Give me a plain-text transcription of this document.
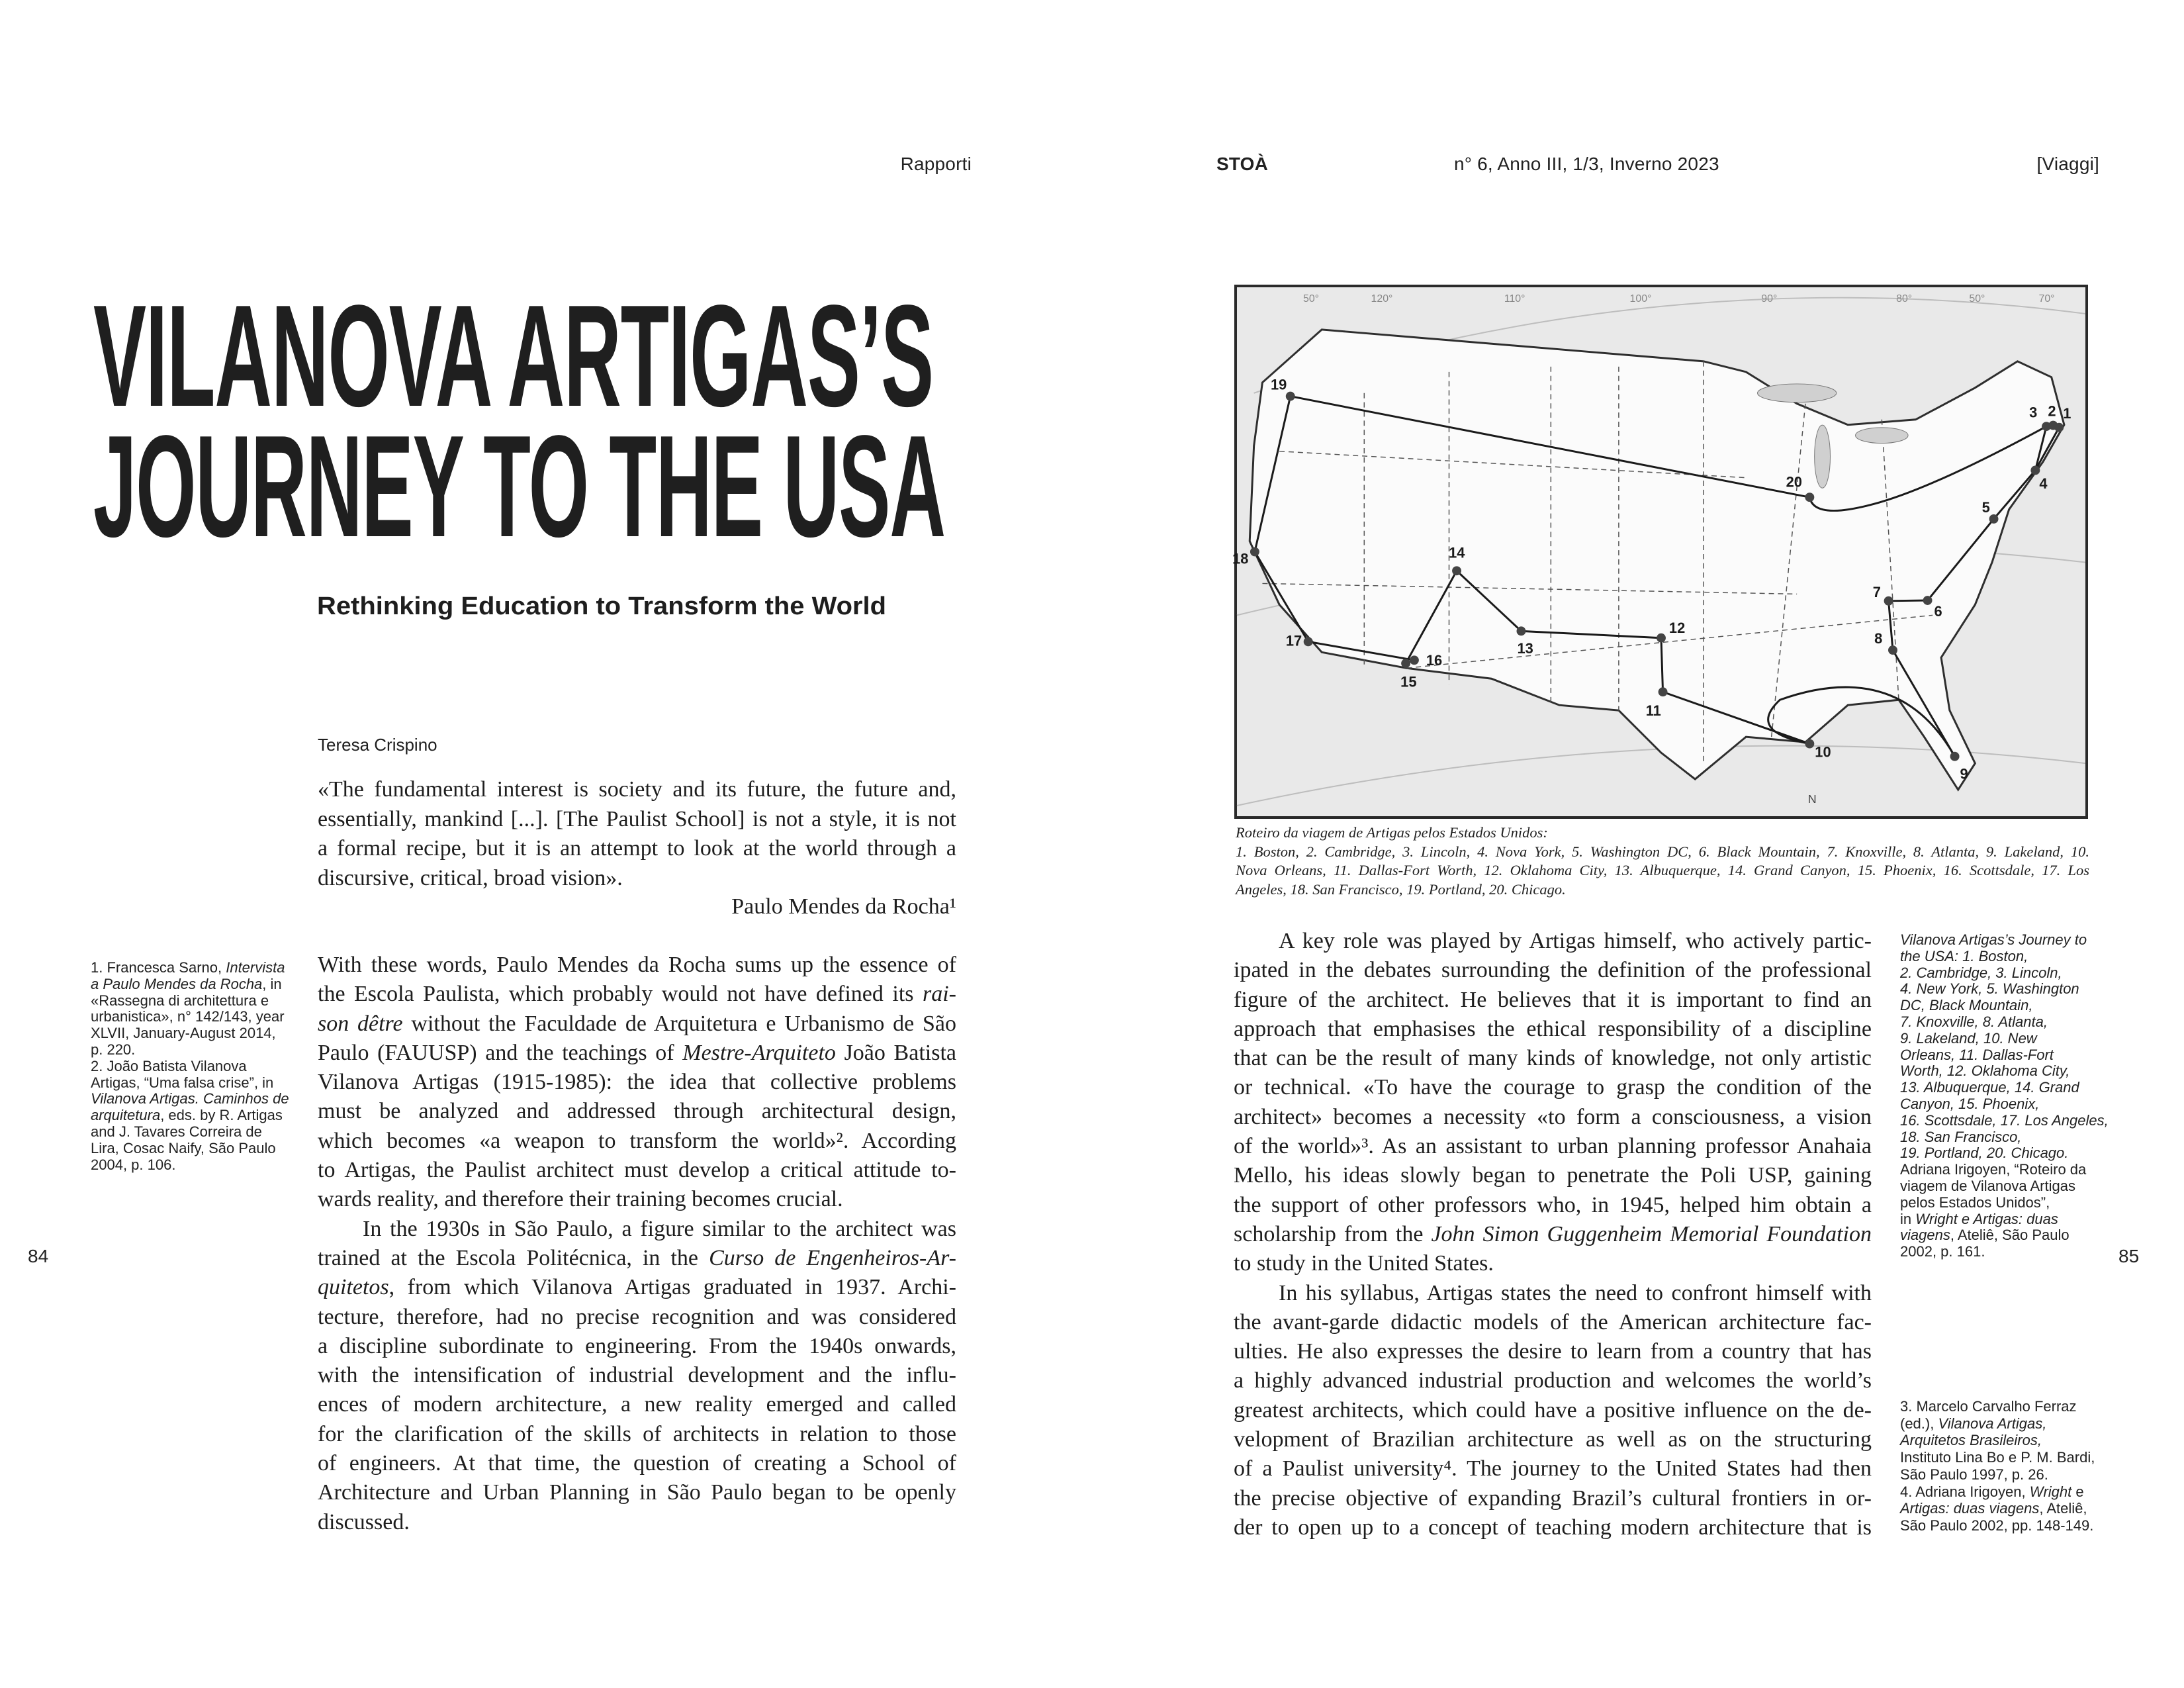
Rapporti	STOÀ	n° 6, Anno III, 1/3, Inverno 2023	[Viaggi]
84	85
VILANOVA ARTIGAS’S
JOURNEY TO THE USA
Rethinking Education to Transform the World
Teresa Crispino
«The fundamental interest is society and its future, the future and,
essentially, mankind [...]. [The Paulist School] is not a style, it is not
a formal recipe, but it is an attempt to look at the world through a
discursive, critical, broad vision».
Paulo Mendes da Rocha¹
1. Francesca Sarno, Intervista
a Paulo Mendes da Rocha, in
«Rassegna di architettura e
urbanistica», n° 142/143, year
XLVII, January-August 2014,
p. 220.
2. João Batista Vilanova
Artigas, “Uma falsa crise”, in
Vilanova Artigas. Caminhos de
arquitetura, eds. by R. Artigas
and J. Tavares Correira de
Lira, Cosac Naify, São Paulo
2004, p. 106.
With these words, Paulo Mendes da Rocha sums up the essence of
the Escola Paulista, which probably would not have defined its rai-
son dêtre without the Faculdade de Arquitetura e Urbanismo de São
Paulo (FAUUSP) and the teachings of Mestre-Arquiteto João Batista
Vilanova Artigas (1915-1985): the idea that collective problems
must be analyzed and addressed through architectural design,
which becomes «a weapon to transform the world»². According
to Artigas, the Paulist architect must develop a critical attitude to-
wards reality, and therefore their training becomes crucial.
In the 1930s in São Paulo, a figure similar to the architect was
trained at the Escola Politécnica, in the Curso de Engenheiros-Ar-
quitetos, from which Vilanova Artigas graduated in 1937. Archi-
tecture, therefore, had no precise recognition and was considered
a discipline subordinate to engineering. From the 1940s onwards,
with the intensification of industrial development and the influ-
ences of modern architecture, a new reality emerged and called
for the clarification of the skills of architects in relation to those
of engineers. At that time, the question of creating a School of
Architecture and Urban Planning in São Paulo began to be openly
discussed.
1
2
3
4
5
6
7
8
9
10
11
12
13
14
15
16
17
18
19
20
50°	120°	110°	100°	90°	80°	50°	70°
N
Roteiro da viagem de Artigas pelos Estados Unidos:
1. Boston, 2. Cambridge, 3. Lincoln, 4. Nova York, 5. Washington DC, 6. Black Mountain, 7. Knoxville, 8. Atlanta, 9. Lakeland, 10.
Nova Orleans, 11. Dallas-Fort Worth, 12. Oklahoma City, 13. Albuquerque, 14. Grand Canyon, 15. Phoenix, 16. Scottsdale, 17. Los
Angeles, 18. San Francisco, 19. Portland, 20. Chicago.
A key role was played by Artigas himself, who actively partic-
ipated in the debates surrounding the definition of the professional
figure of the architect. He believes that it is important to find an
approach that emphasises the ethical responsibility of a discipline
that can be the result of many kinds of knowledge, not only artistic
or technical. «To have the courage to grasp the condition of the
architect» becomes a necessity «to form a consciousness, a vision
of the world»³. As an assistant to urban planning professor Anahaia
Mello, his ideas slowly began to penetrate the Poli USP, gaining
the support of other professors who, in 1945, helped him obtain a
scholarship from the John Simon Guggenheim Memorial Foundation
to study in the United States.
In his syllabus, Artigas states the need to confront himself with
the avant-garde didactic models of the American architecture fac-
ulties. He also expresses the desire to learn from a country that has
a highly advanced industrial production and welcomes the world’s
greatest architects, which could have a positive influence on the de-
velopment of Brazilian architecture as well as on the structuring
of a Paulist university⁴. The journey to the United States had then
the precise objective of expanding Brazil’s cultural frontiers in or-
der to open up to a concept of teaching modern architecture that is
Vilanova Artigas’s Journey to
the USA: 1. Boston,
2. Cambridge, 3. Lincoln,
4. New York, 5. Washington
DC, Black Mountain,
7. Knoxville, 8. Atlanta,
9. Lakeland, 10. New
Orleans, 11. Dallas-Fort
Worth, 12. Oklahoma City,
13. Albuquerque, 14. Grand
Canyon, 15. Phoenix,
16. Scottsdale, 17. Los Angeles,
18. San Francisco,
19. Portland, 20. Chicago.
Adriana Irigoyen, “Roteiro da
viagem de Vilanova Artigas
pelos Estados Unidos”,
in Wright e Artigas: duas
viagens, Ateliê, São Paulo
2002, p. 161.
3. Marcelo Carvalho Ferraz
(ed.), Vilanova Artigas,
Arquitetos Brasileiros,
Instituto Lina Bo e P. M. Bardi,
São Paulo 1997, p. 26.
4. Adriana Irigoyen, Wright e
Artigas: duas viagens, Ateliê,
São Paulo 2002, pp. 148-149.
